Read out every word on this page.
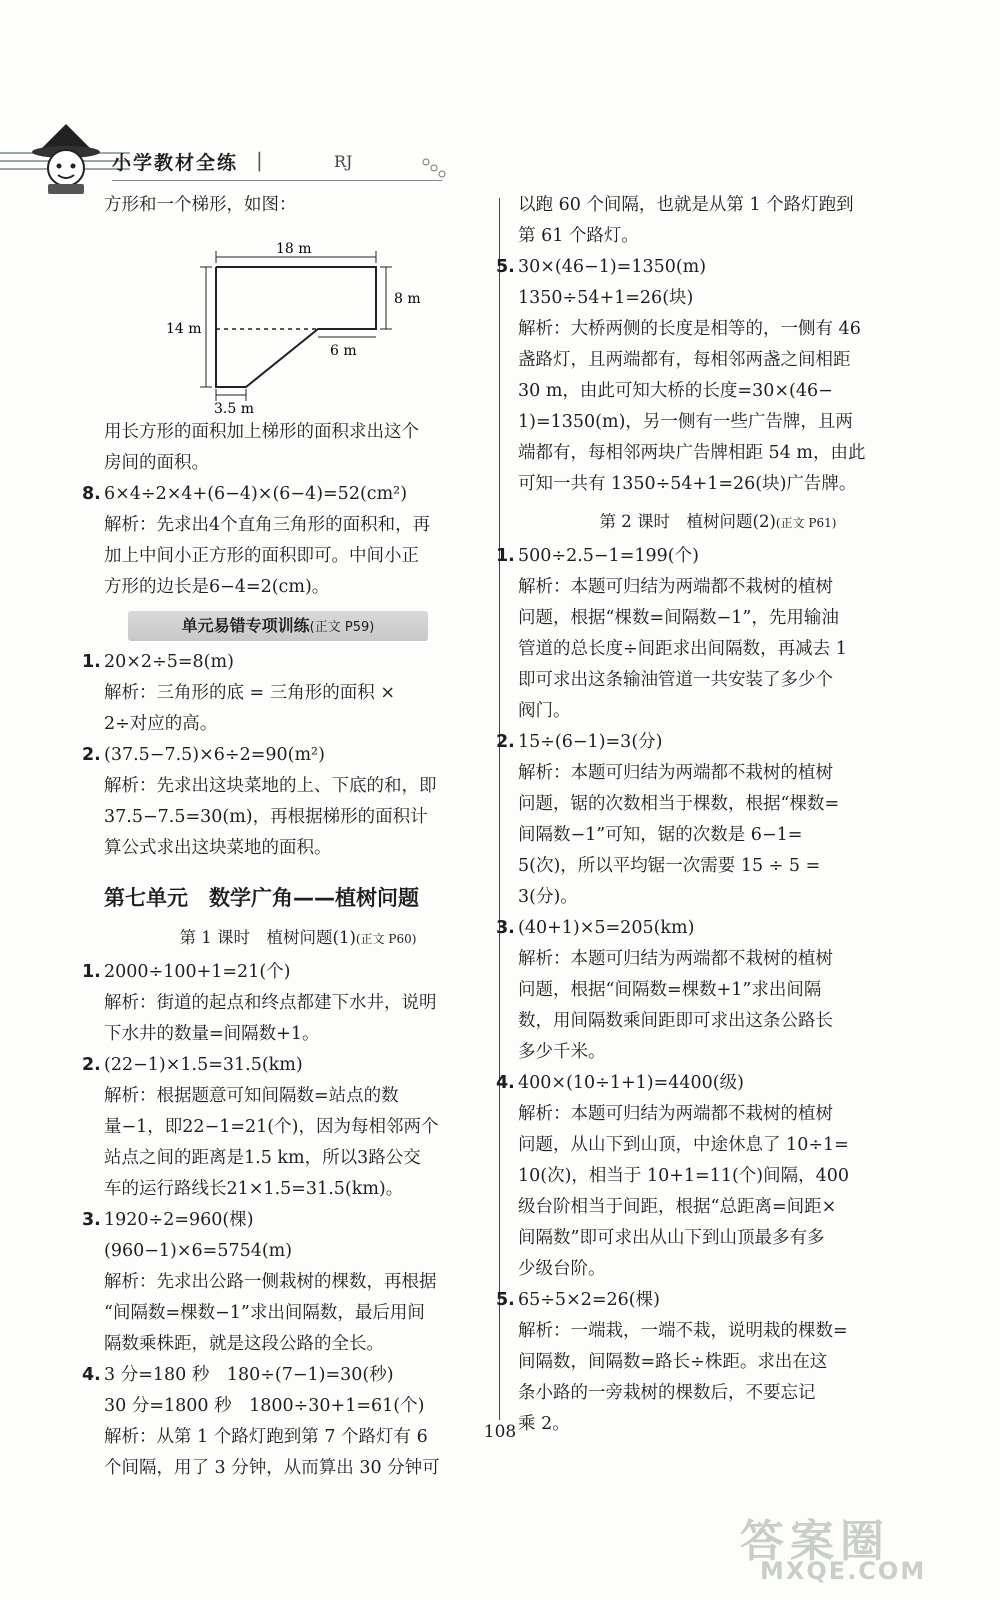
小学教材全练 |	RJ
方形和一个梯形，如图：
18 m
14 m
8 m
6 m
3.5 m
用长方形的面积加上梯形的面积求出这个
房间的面积。
8. 6×4÷2×4+(6−4)×(6−4)=52(cm²)
解析：先求出4个直角三角形的面积和，再
加上中间小正方形的面积即可。中间小正
方形的边长是6−4=2(cm)。
单元易错专项训练(正文 P59)
1. 20×2÷5=8(m)
解析：三角形的底 = 三角形的面积 ×
2÷对应的高。
2. (37.5−7.5)×6÷2=90(m²)
解析：先求出这块菜地的上、下底的和，即
37.5−7.5=30(m)，再根据梯形的面积计
算公式求出这块菜地的面积。
第七单元　数学广角——植树问题
第 1 课时　植树问题(1)(正文 P60)
1. 2000÷100+1=21(个)
解析：街道的起点和终点都建下水井，说明
下水井的数量=间隔数+1。
2. (22−1)×1.5=31.5(km)
解析：根据题意可知间隔数=站点的数
量−1，即22−1=21(个)，因为每相邻两个
站点之间的距离是1.5 km，所以3路公交
车的运行路线长21×1.5=31.5(km)。
3. 1920÷2=960(棵)
(960−1)×6=5754(m)
解析：先求出公路一侧栽树的棵数，再根据
“间隔数=棵数−1”求出间隔数，最后用间
隔数乘株距，就是这段公路的全长。
4. 3 分=180 秒　180÷(7−1)=30(秒)
30 分=1800 秒　1800÷30+1=61(个)
解析：从第 1 个路灯跑到第 7 个路灯有 6
个间隔，用了 3 分钟，从而算出 30 分钟可
以跑 60 个间隔，也就是从第 1 个路灯跑到
第 61 个路灯。
5. 30×(46−1)=1350(m)
1350÷54+1=26(块)
解析：大桥两侧的长度是相等的，一侧有 46
盏路灯，且两端都有，每相邻两盏之间相距
30 m，由此可知大桥的长度=30×(46−
1)=1350(m)，另一侧有一些广告牌，且两
端都有，每相邻两块广告牌相距 54 m，由此
可知一共有 1350÷54+1=26(块)广告牌。
第 2 课时　植树问题(2)(正文 P61)
1. 500÷2.5−1=199(个)
解析：本题可归结为两端都不栽树的植树
问题，根据“棵数=间隔数−1”，先用输油
管道的总长度÷间距求出间隔数，再减去 1
即可求出这条输油管道一共安装了多少个
阀门。
2. 15÷(6−1)=3(分)
解析：本题可归结为两端都不栽树的植树
问题，锯的次数相当于棵数，根据“棵数=
间隔数−1”可知，锯的次数是 6−1=
5(次)，所以平均锯一次需要 15 ÷ 5 =
3(分)。
3. (40+1)×5=205(km)
解析：本题可归结为两端都不栽树的植树
问题，根据“间隔数=棵数+1”求出间隔
数，用间隔数乘间距即可求出这条公路长
多少千米。
4. 400×(10÷1+1)=4400(级)
解析：本题可归结为两端都不栽树的植树
问题，从山下到山顶，中途休息了 10÷1=
10(次)，相当于 10+1=11(个)间隔，400
级台阶相当于间距，根据“总距离=间距×
间隔数”即可求出从山下到山顶最多有多
少级台阶。
5. 65÷5×2=26(棵)
解析：一端栽，一端不栽，说明栽的棵数=
间隔数，间隔数=路长÷株距。求出在这
条小路的一旁栽树的棵数后，不要忘记
乘 2。
108
答案圈
MXQE.COM
